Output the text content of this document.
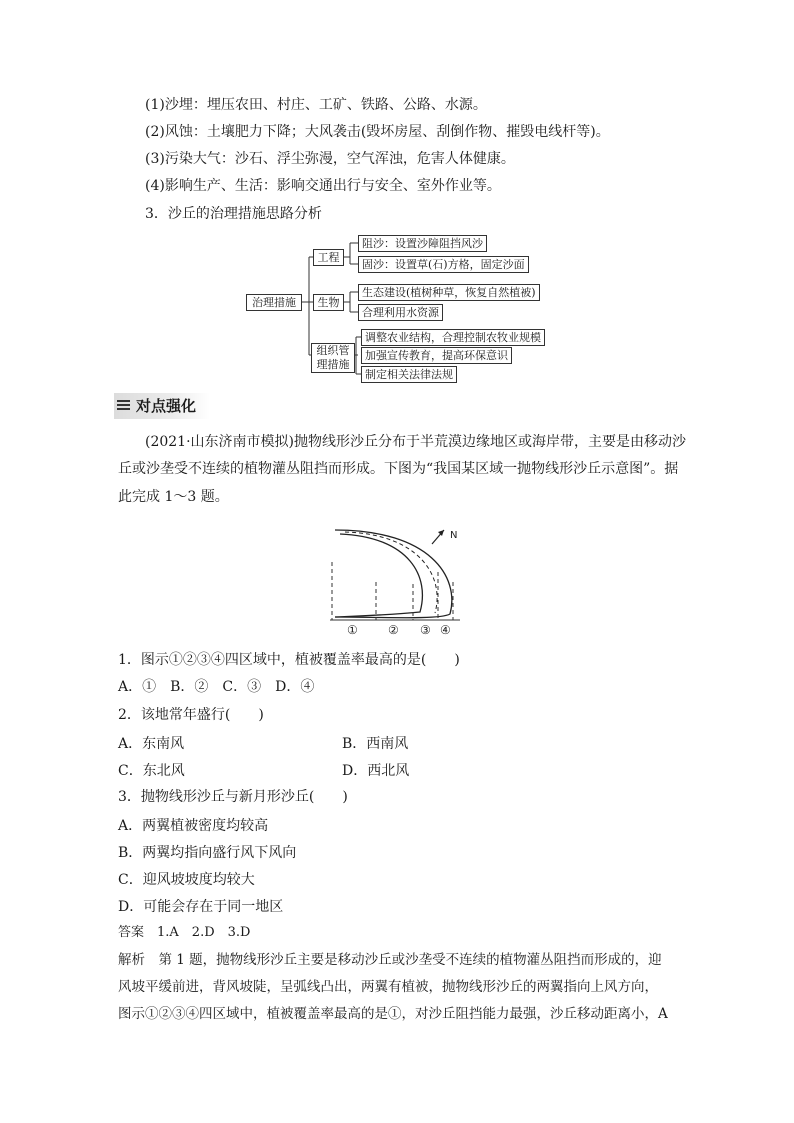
(1)沙埋：埋压农田、村庄、工矿、铁路、公路、水源。
(2)风蚀：土壤肥力下降；大风袭击(毁坏房屋、刮倒作物、摧毁电线杆等)。
(3)污染大气：沙石、浮尘弥漫，空气浑浊，危害人体健康。
(4)影响生产、生活：影响交通出行与安全、室外作业等。
3．沙丘的治理措施思路分析
治理措施
工程
生物
组织管
理措施
阻沙：设置沙障阻挡风沙
固沙：设置草(石)方格，固定沙面
生态建设(植树种草，恢复自然植被)
合理利用水资源
调整农业结构，合理控制农牧业规模
加强宣传教育，提高环保意识
制定相关法律法规
对点强化
(2021·山东济南市模拟)抛物线形沙丘分布于半荒漠边缘地区或海岸带，主要是由移动沙
丘或沙垄受不连续的植物灌丛阻挡而形成。下图为“我国某区域一抛物线形沙丘示意图”。据
此完成 1～3 题。
N
①	② ③ ④
1．图示①②③④四区域中，植被覆盖率最高的是(　　)
A．①　B．②　C．③　D．④
2．该地常年盛行(　　)
A．东南风	B．西南风
C．东北风	D．西北风
3．抛物线形沙丘与新月形沙丘(　　)
A．两翼植被密度均较高
B．两翼均指向盛行风下风向
C．迎风坡坡度均较大
D．可能会存在于同一地区
答案　1.A　2.D　3.D
解析　第 1 题，抛物线形沙丘主要是移动沙丘或沙垄受不连续的植物灌丛阻挡而形成的，迎
风坡平缓前进，背风坡陡，呈弧线凸出，两翼有植被，抛物线形沙丘的两翼指向上风方向，
图示①②③④四区域中，植被覆盖率最高的是①，对沙丘阻挡能力最强，沙丘移动距离小，A
